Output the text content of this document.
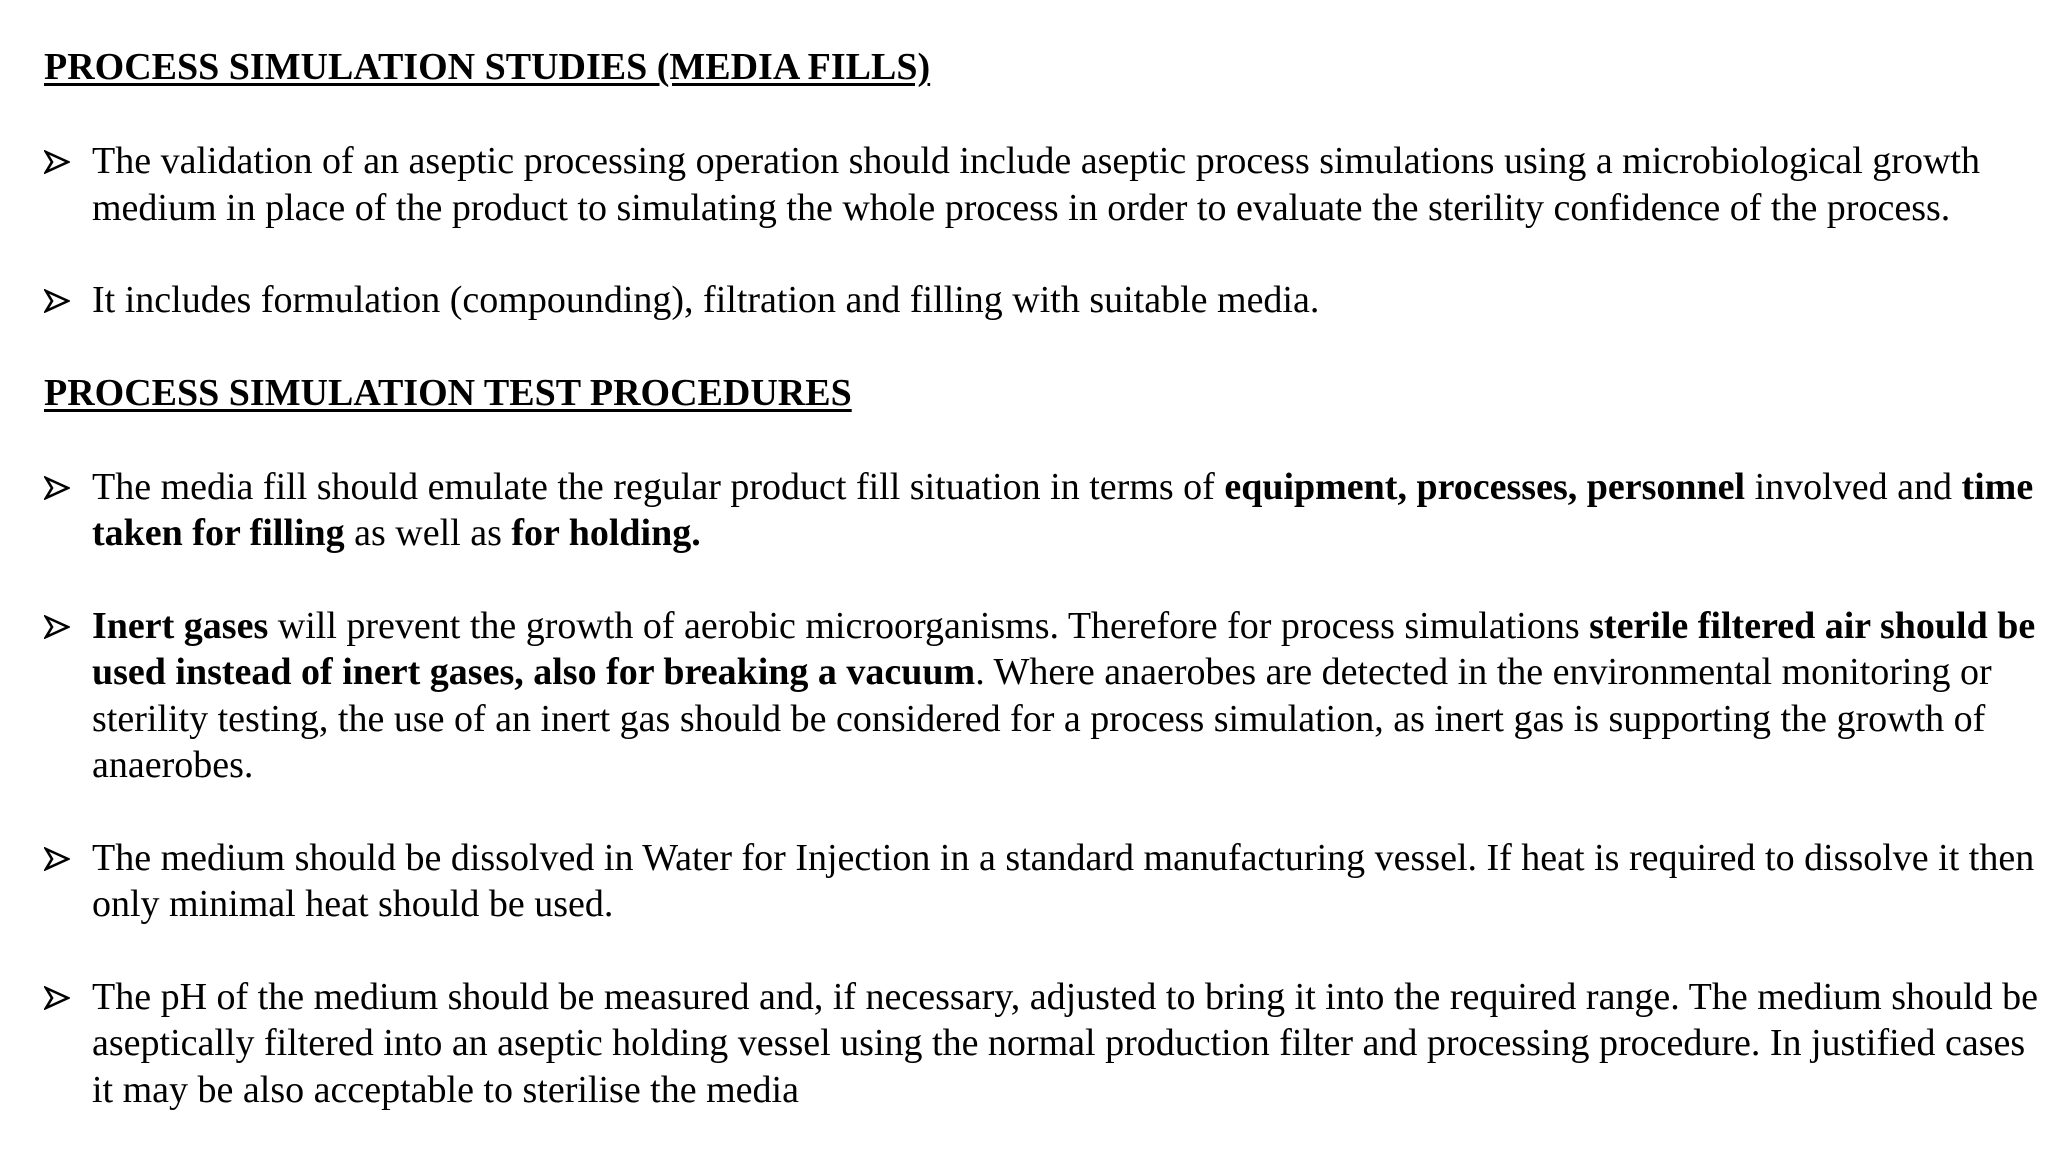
PROCESS SIMULATION STUDIES (MEDIA FILLS)

The validation of an aseptic processing operation should include aseptic process simulations using a microbiological growth medium in place of the product to simulating the whole process in order to evaluate the sterility confidence of the process.

It includes formulation (compounding), filtration and filling with suitable media.

PROCESS SIMULATION TEST PROCEDURES

The media fill should emulate the regular product fill situation in terms of equipment, processes, personnel involved and time taken for filling as well as for holding.

Inert gases will prevent the growth of aerobic microorganisms. Therefore for process simulations sterile filtered air should be used instead of inert gases, also for breaking a vacuum. Where anaerobes are detected in the environmental monitoring or sterility testing, the use of an inert gas should be considered for a process simulation, as inert gas is supporting the growth of anaerobes.

The medium should be dissolved in Water for Injection in a standard manufacturing vessel. If heat is required to dissolve it then only minimal heat should be used.

The pH of the medium should be measured and, if necessary, adjusted to bring it into the required range. The medium should be aseptically filtered into an aseptic holding vessel using the normal production filter and processing procedure. In justified cases it may be also acceptable to sterilise the media
